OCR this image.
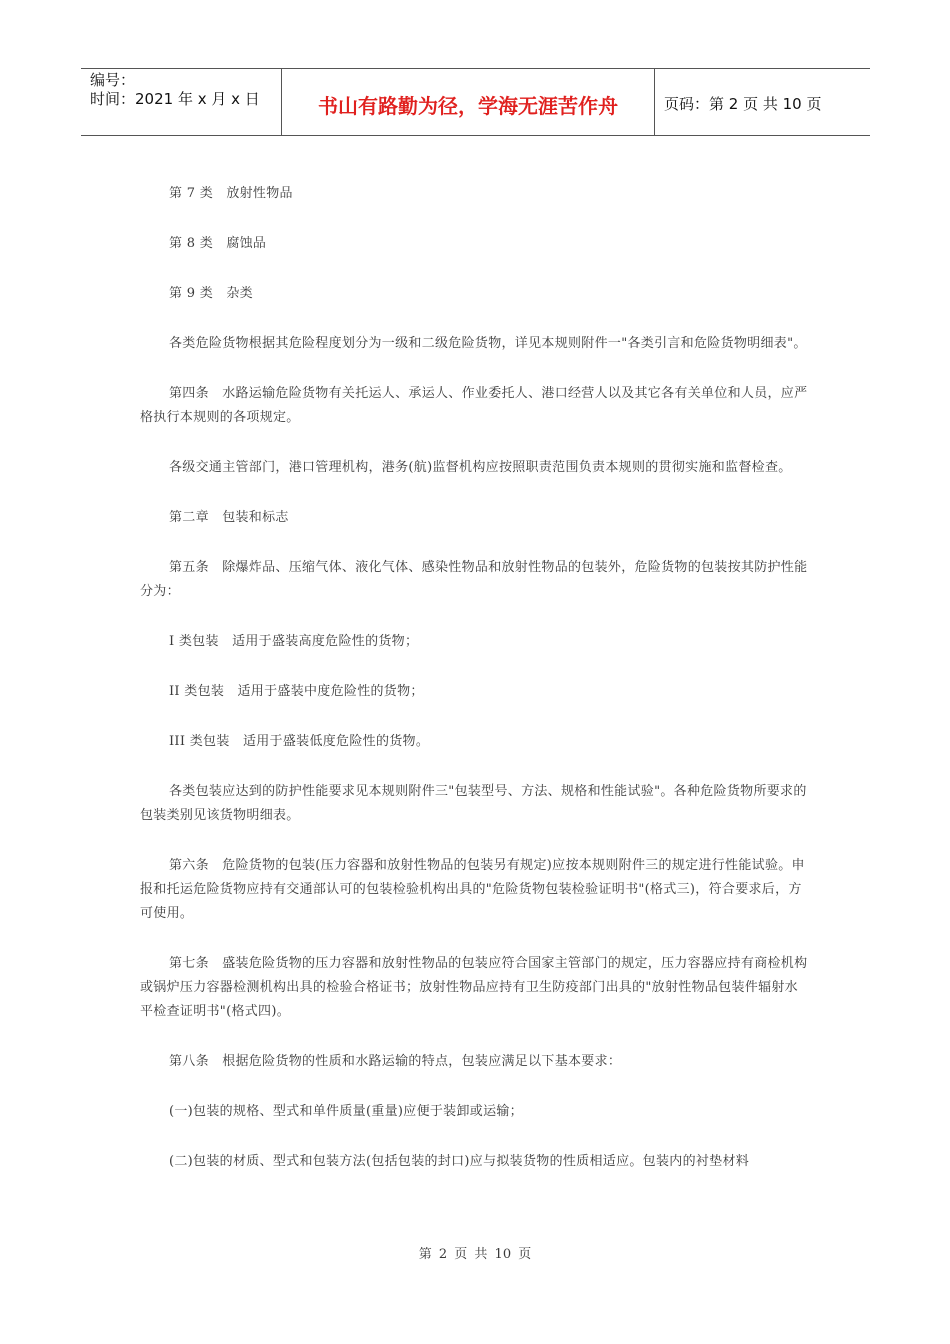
编号：
时间：2021 年 x 月 x 日	书山有路勤为径，学海无涯苦作舟	页码：第 2 页 共 10 页

第 7 类　放射性物品

第 8 类　腐蚀品

第 9 类　杂类

各类危险货物根据其危险程度划分为一级和二级危险货物，详见本规则附件一"各类引言和危险货物明细表"。

第四条　水路运输危险货物有关托运人、承运人、作业委托人、港口经营人以及其它各有关单位和人员，应严格执行本规则的各项规定。

各级交通主管部门，港口管理机构，港务(航)监督机构应按照职责范围负责本规则的贯彻实施和监督检查。

第二章　包装和标志

第五条　除爆炸品、压缩气体、液化气体、感染性物品和放射性物品的包装外，危险货物的包装按其防护性能分为：

I 类包装　适用于盛装高度危险性的货物；

II 类包装　适用于盛装中度危险性的货物；

III 类包装　适用于盛装低度危险性的货物。

各类包装应达到的防护性能要求见本规则附件三"包装型号、方法、规格和性能试验"。各种危险货物所要求的包装类别见该货物明细表。

第六条　危险货物的包装(压力容器和放射性物品的包装另有规定)应按本规则附件三的规定进行性能试验。申报和托运危险货物应持有交通部认可的包装检验机构出具的"危险货物包装检验证明书"(格式三)，符合要求后，方可使用。

第七条　盛装危险货物的压力容器和放射性物品的包装应符合国家主管部门的规定，压力容器应持有商检机构或锅炉压力容器检测机构出具的检验合格证书；放射性物品应持有卫生防疫部门出具的"放射性物品包装件辐射水平检查证明书"(格式四)。

第八条　根据危险货物的性质和水路运输的特点，包装应满足以下基本要求：

(一)包装的规格、型式和单件质量(重量)应便于装卸或运输；

(二)包装的材质、型式和包装方法(包括包装的封口)应与拟装货物的性质相适应。包装内的衬垫材料

第 2 页 共 10 页
